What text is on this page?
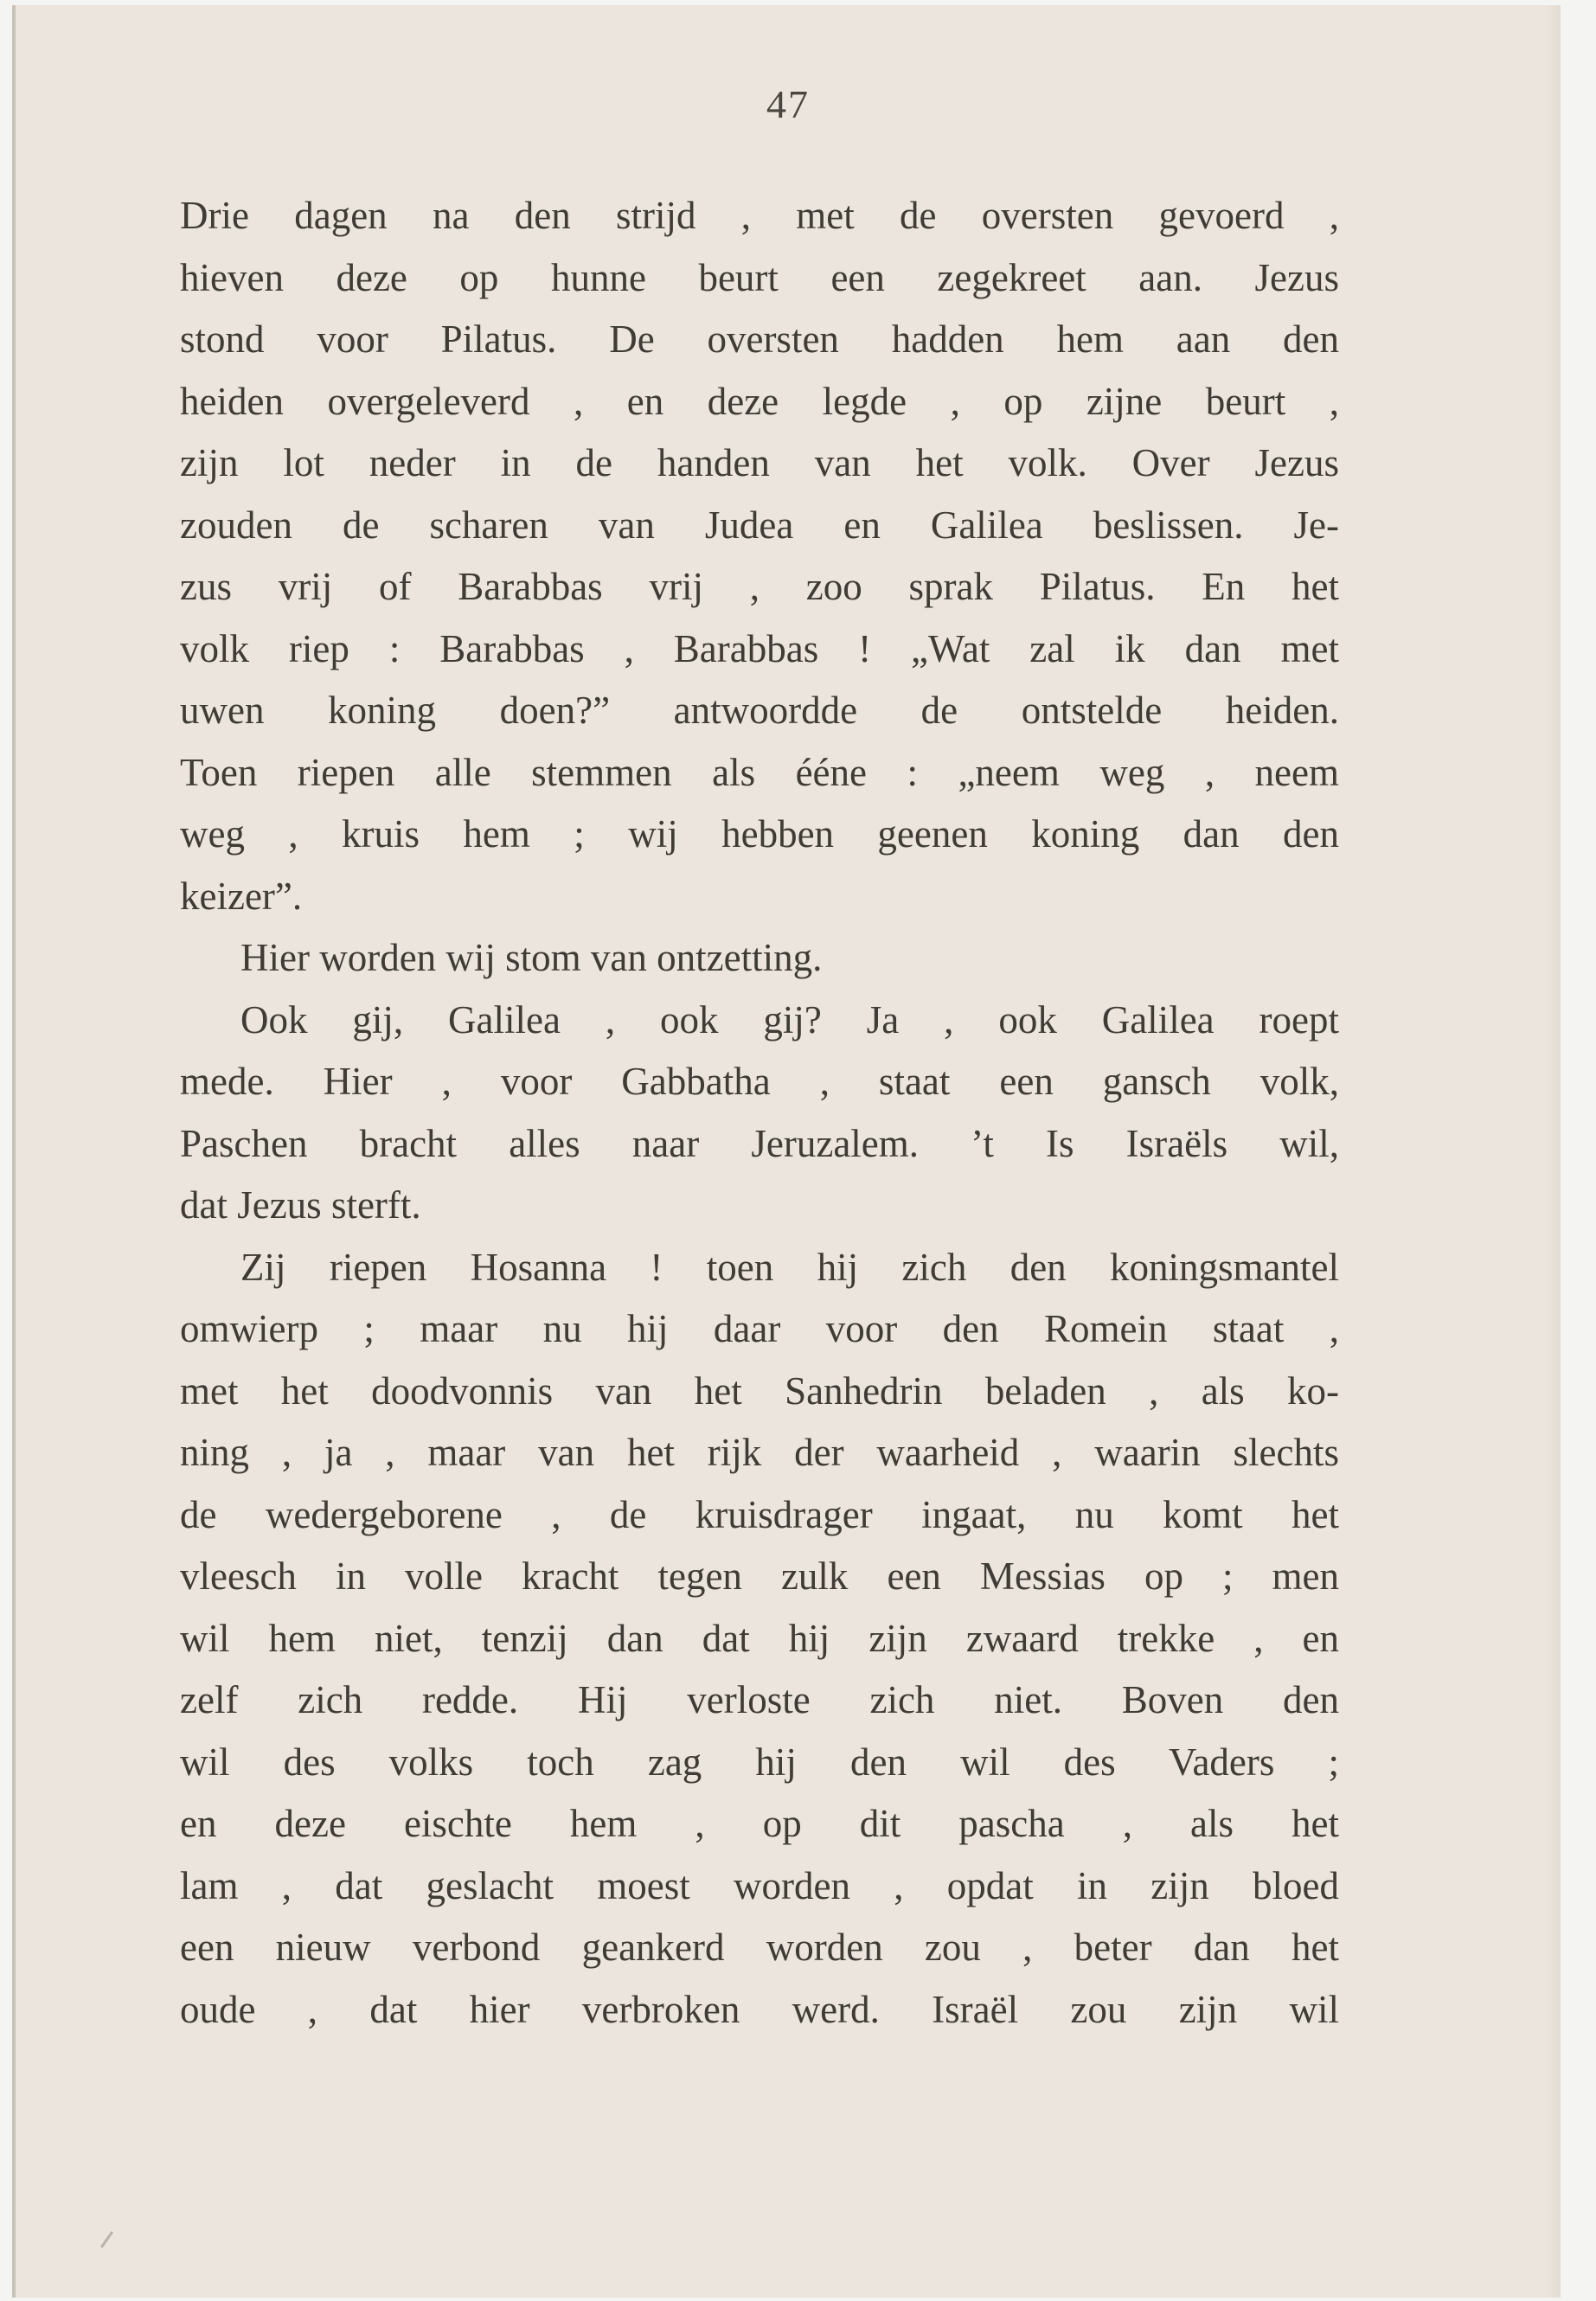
47
Drie dagen na den strijd , met de oversten gevoerd ,
hieven deze op hunne beurt een zegekreet aan. Jezus
stond voor Pilatus. De oversten hadden hem aan den
heiden overgeleverd , en deze legde , op zijne beurt ,
zijn lot neder in de handen van het volk. Over Jezus
zouden de scharen van Judea en Galilea beslissen. Je-
zus vrij of Barabbas vrij , zoo sprak Pilatus. En het
volk riep : Barabbas , Barabbas ! „Wat zal ik dan met
uwen koning doen?” antwoordde de ontstelde heiden.
Toen riepen alle stemmen als ééne : „neem weg , neem
weg , kruis hem ; wij hebben geenen koning dan den
keizer”.
Hier worden wij stom van ontzetting.
Ook gij, Galilea , ook gij? Ja , ook Galilea roept
mede. Hier , voor Gabbatha , staat een gansch volk,
Paschen bracht alles naar Jeruzalem. ’t Is Israëls wil,
dat Jezus sterft.
Zij riepen Hosanna ! toen hij zich den koningsmantel
omwierp ; maar nu hij daar voor den Romein staat ,
met het doodvonnis van het Sanhedrin beladen , als ko-
ning , ja , maar van het rijk der waarheid , waarin slechts
de wedergeborene , de kruisdrager ingaat, nu komt het
vleesch in volle kracht tegen zulk een Messias op ; men
wil hem niet, tenzij dan dat hij zijn zwaard trekke , en
zelf zich redde. Hij verloste zich niet. Boven den
wil des volks toch zag hij den wil des Vaders ;
en deze eischte hem , op dit pascha , als het
lam , dat geslacht moest worden , opdat in zijn bloed
een nieuw verbond geankerd worden zou , beter dan het
oude , dat hier verbroken werd. Israël zou zijn wil
